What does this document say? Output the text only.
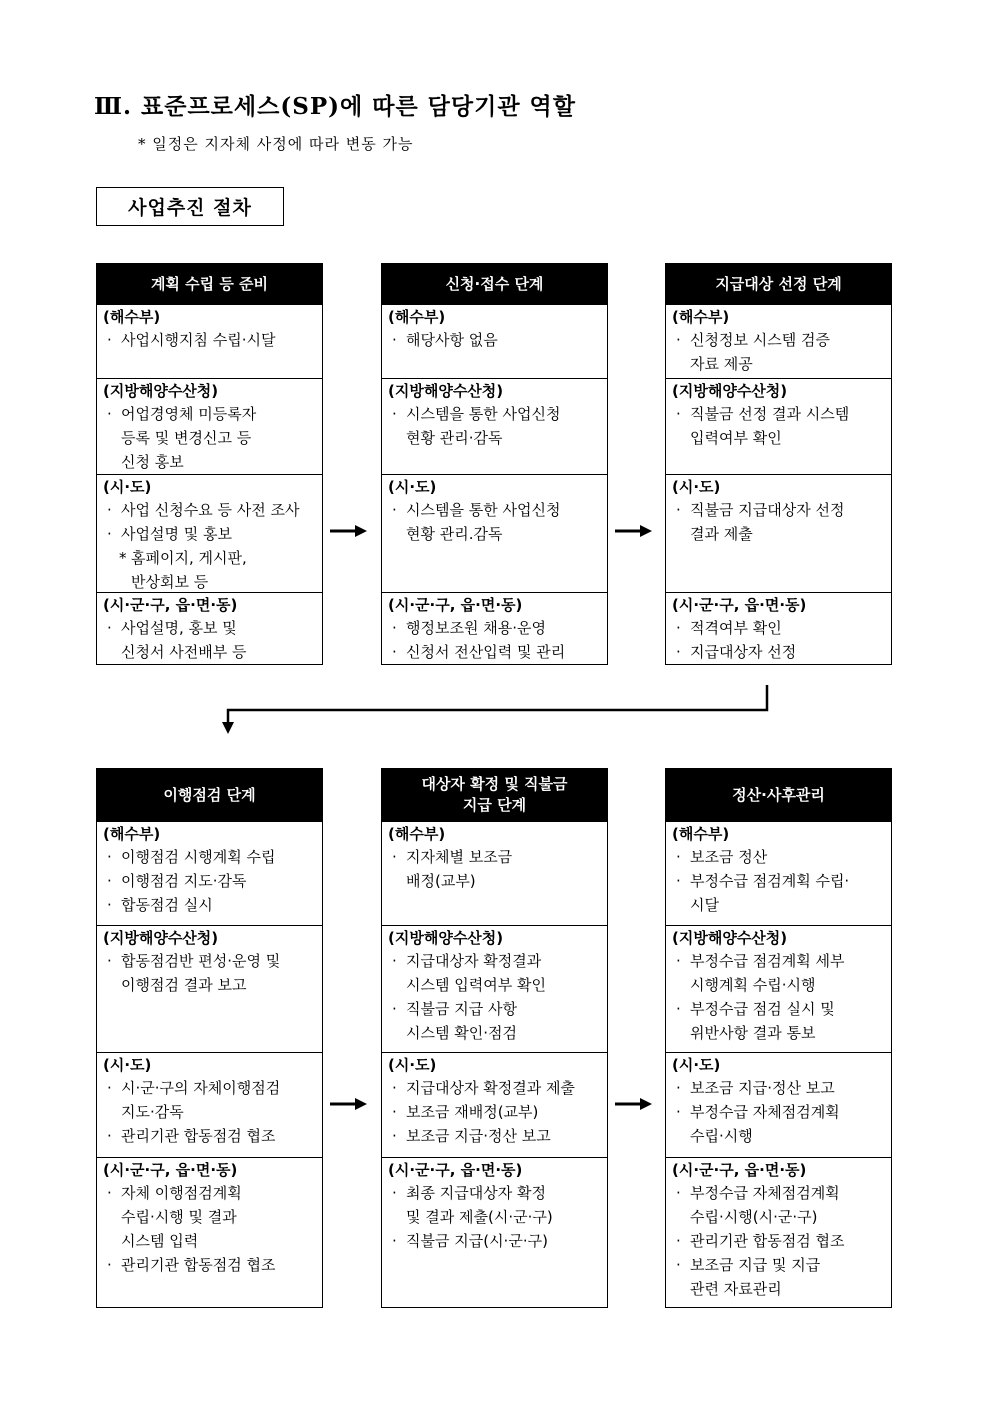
Ⅲ. 표준프로세스(SP)에 따른 담당기관 역할
* 일정은 지자체 사정에 따라 변동 가능
사업추진 절차
계획 수립 등 준비
(해수부)
· 사업시행지침 수립·시달
(지방해양수산청)
· 어업경영체 미등록자
등록 및 변경신고 등
신청 홍보
(시·도)
· 사업 신청수요 등 사전 조사
· 사업설명 및 홍보
* 홈페이지, 게시판,
반상회보 등
(시·군·구, 읍·면·동)
· 사업설명, 홍보 및
신청서 사전배부 등
신청·접수 단계
(해수부)
· 해당사항 없음
(지방해양수산청)
· 시스템을 통한 사업신청
현황 관리·감독
(시·도)
· 시스템을 통한 사업신청
현황 관리.감독
(시·군·구, 읍·면·동)
· 행정보조원 채용·운영
· 신청서 전산입력 및 관리
지급대상 선정 단계
(해수부)
· 신청정보 시스템 검증
자료 제공
(지방해양수산청)
· 직불금 선정 결과 시스템
입력여부 확인
(시·도)
· 직불금 지급대상자 선정
결과 제출
(시·군·구, 읍·면·동)
· 적격여부 확인
· 지급대상자 선정
이행점검 단계
(해수부)
· 이행점검 시행계획 수립
· 이행점검 지도·감독
· 합동점검 실시
(지방해양수산청)
· 합동점검반 편성·운영 및
이행점검 결과 보고
(시·도)
· 시·군·구의 자체이행점검
지도·감독
· 관리기관 합동점검 협조
(시·군·구, 읍·면·동)
· 자체 이행점검계획
수립·시행 및 결과
시스템 입력
· 관리기관 합동점검 협조
대상자 확정 및 직불금
지급 단계
(해수부)
· 지자체별 보조금
배정(교부)
(지방해양수산청)
· 지급대상자 확정결과
시스템 입력여부 확인
· 직불금 지급 사항
시스템 확인·점검
(시·도)
· 지급대상자 확정결과 제출
· 보조금 재배정(교부)
· 보조금 지급·정산 보고
(시·군·구, 읍·면·동)
· 최종 지급대상자 확정
및 결과 제출(시·군·구)
· 직불금 지급(시·군·구)
정산·사후관리
(해수부)
· 보조금 정산
· 부정수급 점검계획 수립·
시달
(지방해양수산청)
· 부정수급 점검계획 세부
시행계획 수립·시행
· 부정수급 점검 실시 및
위반사항 결과 통보
(시·도)
· 보조금 지급·정산 보고
· 부정수급 자체점검계획
수립·시행
(시·군·구, 읍·면·동)
· 부정수급 자체점검계획
수립·시행(시·군·구)
· 관리기관 합동점검 협조
· 보조금 지급 및 지급
관련 자료관리
